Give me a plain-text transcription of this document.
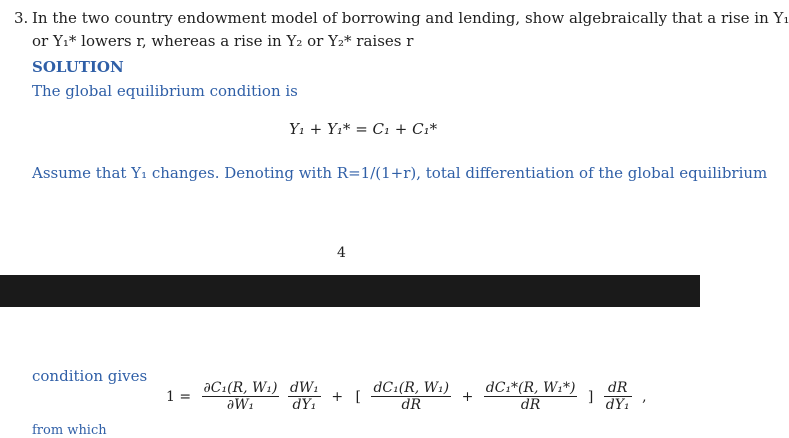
3. In the two country endowment model of borrowing and lending, show algebraically that a rise in Y₁
or Y₁* lowers r, whereas a rise in Y₂ or Y₂* raises r
SOLUTION
The global equilibrium condition is
Y₁ + Y₁* = C₁ + C₁*
Assume that Y₁ changes. Denoting with R=1/(1+r), total differentiation of the global equilibrium
4
condition gives
$1 = \frac{\text{∂C₁(R, W₁)}}{\text{∂W₁}}$
$\frac{\text{dW₁}}{\text{dY₁}}$ + [ $\frac{\text{dC₁(R, W₁)}}{dR} + \frac{\text{dC₁*(R, W₁*)}}{dR}$ ] $\frac{dR}{\text{dY₁}}$ ,
from which
